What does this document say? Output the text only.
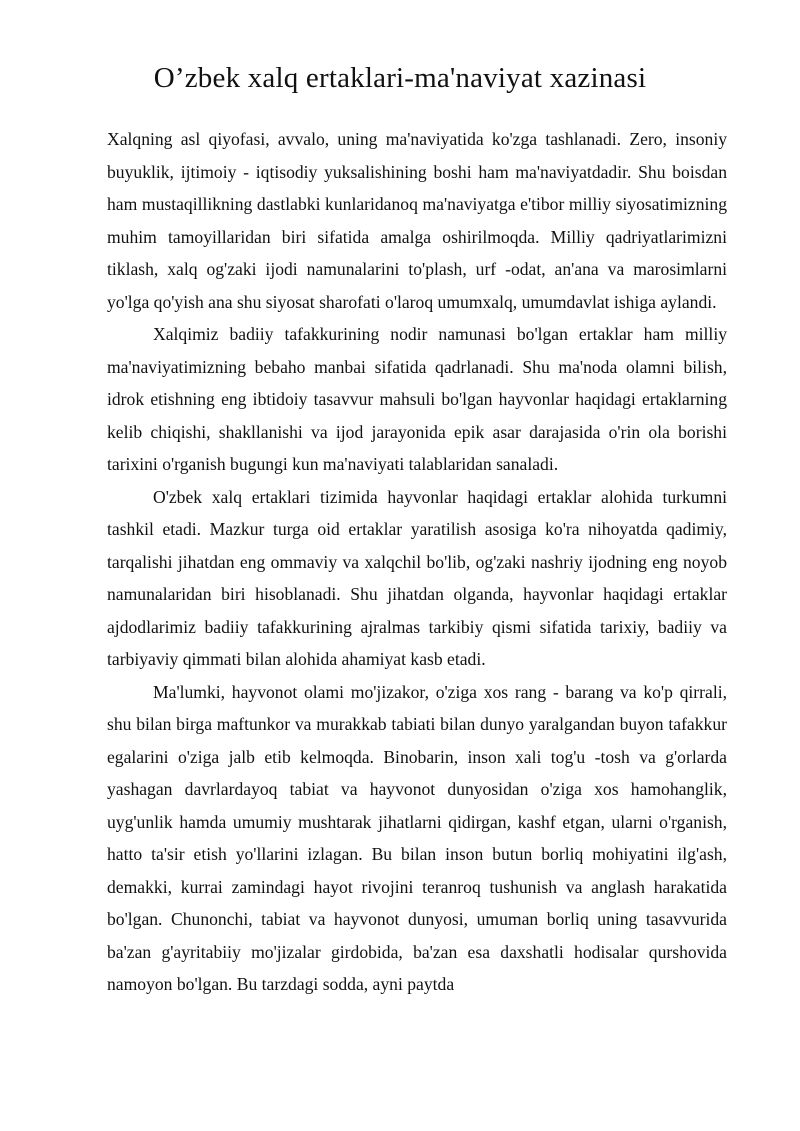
O’zbek xalq ertaklari-ma'naviyat xazinasi

Xalqning asl qiyofasi, avvalo, uning ma'naviyatida ko'zga tashlanadi. Zero, insoniy buyuklik, ijtimoiy - iqtisodiy yuksalishining boshi ham ma'naviyatdadir. Shu boisdan ham mustaqillikning dastlabki kunlaridanoq ma'naviyatga e'tibor milliy siyosatimizning muhim tamoyillaridan biri sifatida amalga oshirilmoqda. Milliy qadriyatlarimizni tiklash, xalq og'zaki ijodi namunalarini to'plash, urf -odat, an'ana va marosimlarni yo'lga qo'yish ana shu siyosat sharofati o'laroq umumxalq, umumdavlat ishiga aylandi.

Xalqimiz badiiy tafakkurining nodir namunasi bo'lgan ertaklar ham milliy ma'naviyatimizning bebaho manbai sifatida qadrlanadi. Shu ma'noda olamni bilish, idrok etishning eng ibtidoiy tasavvur mahsuli bo'lgan hayvonlar haqidagi ertaklarning kelib chiqishi, shakllanishi va ijod jarayonida epik asar darajasida o'rin ola borishi tarixini o'rganish bugungi kun ma'naviyati talablaridan sanaladi.

O'zbek xalq ertaklari tizimida hayvonlar haqidagi ertaklar alohida turkumni tashkil etadi. Mazkur turga oid ertaklar yaratilish asosiga ko'ra nihoyatda qadimiy, tarqalishi jihatdan eng ommaviy va xalqchil bo'lib, og'zaki nashriy ijodning eng noyob namunalaridan biri hisoblanadi. Shu jihatdan olganda, hayvonlar haqidagi ertaklar ajdodlarimiz badiiy tafakkurining ajralmas tarkibiy qismi sifatida tarixiy, badiiy va tarbiyaviy qimmati bilan alohida ahamiyat kasb etadi.

Ma'lumki, hayvonot olami mo'jizakor, o'ziga xos rang - barang va ko'p qirrali, shu bilan birga maftunkor va murakkab tabiati bilan dunyo yaralgandan buyon tafakkur egalarini o'ziga jalb etib kelmoqda. Binobarin, inson xali tog'u -tosh va g'orlarda yashagan davrlardayoq tabiat va hayvonot dunyosidan o'ziga xos hamohanglik, uyg'unlik hamda umumiy mushtarak jihatlarni qidirgan, kashf etgan, ularni o'rganish, hatto ta'sir etish yo'llarini izlagan. Bu bilan inson butun borliq mohiyatini ilg'ash, demakki, kurrai zamindagi hayot rivojini teranroq tushunish va anglash harakatida bo'lgan. Chunonchi, tabiat va hayvonot dunyosi, umuman borliq uning tasavvurida ba'zan g'ayritabiiy mo'jizalar girdobida, ba'zan esa daxshatli hodisalar qurshovida namoyon bo'lgan. Bu tarzdagi sodda, ayni paytda
